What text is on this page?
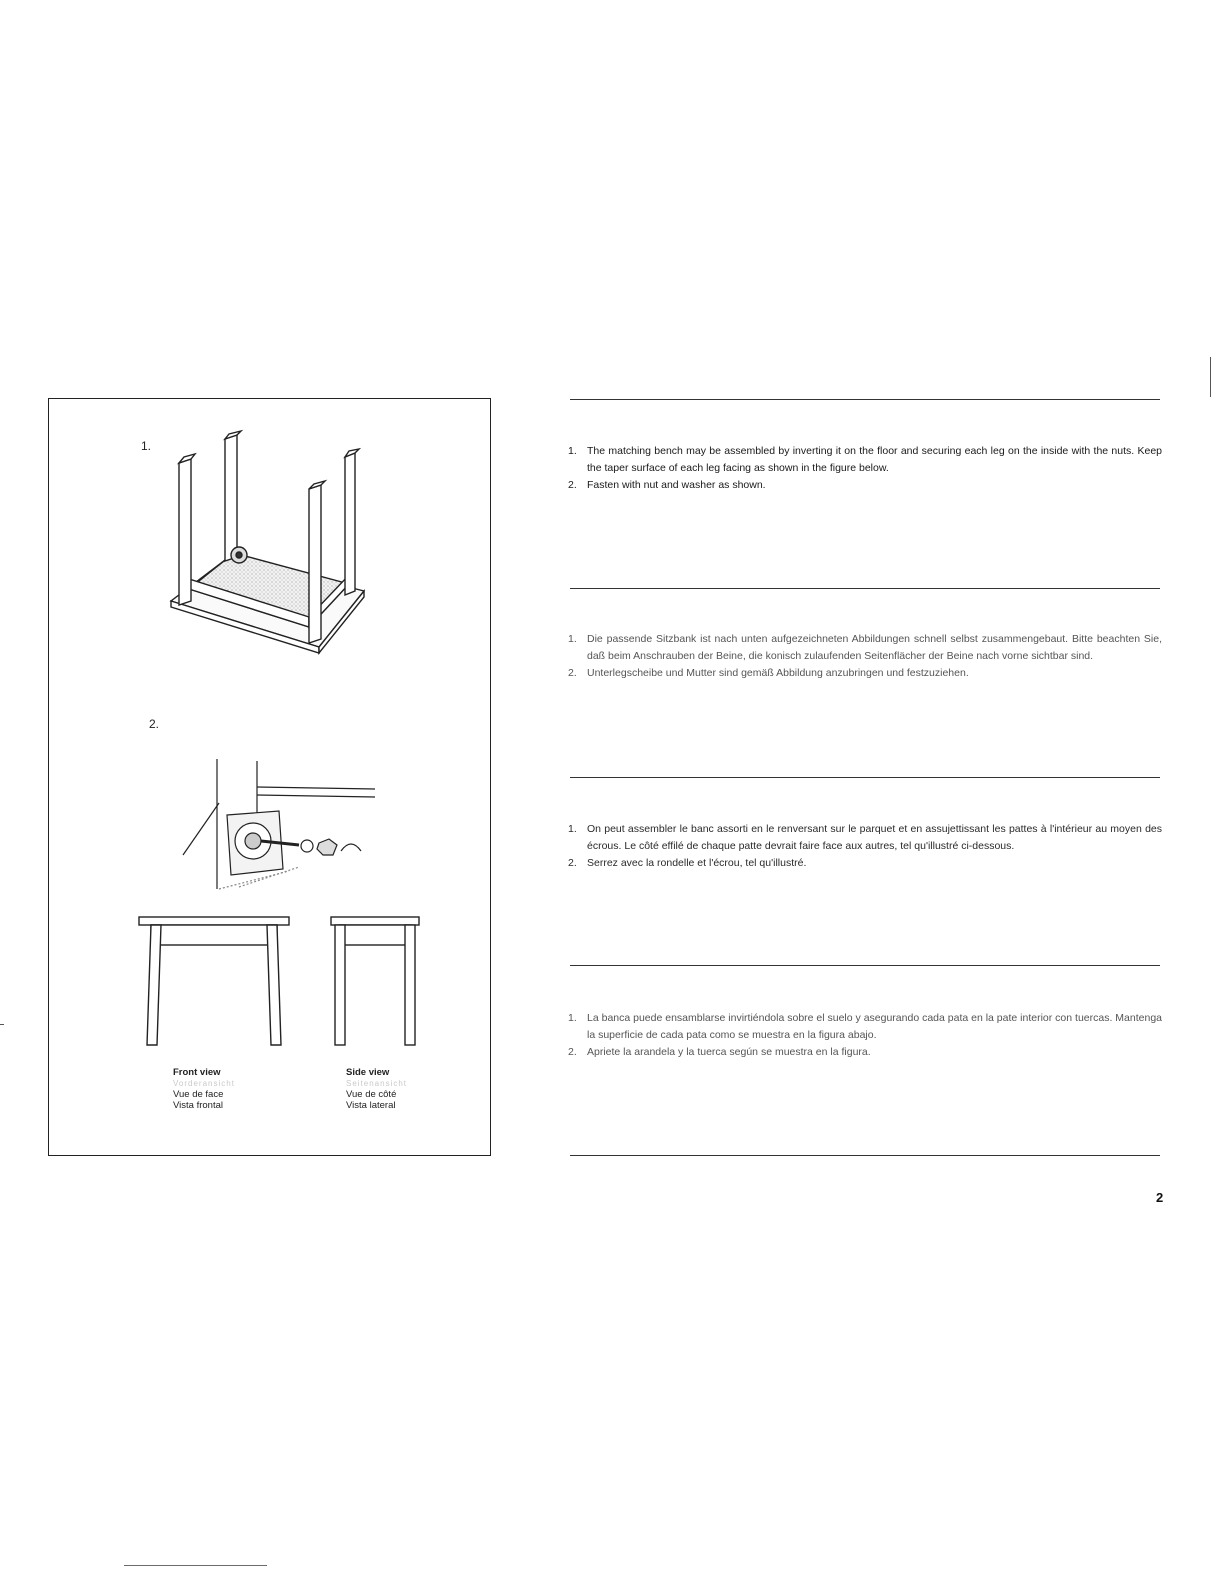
1.
2.
Front view
Vorderansicht
Vue de face
Vista frontal
Side view
Seitenansicht
Vue de côté
Vista lateral
1. The matching bench may be assembled by inverting it on the floor and securing each leg on the inside with the nuts. Keep the taper surface of each leg facing as shown in the figure below.
2. Fasten with nut and washer as shown.
1. Die passende Sitzbank ist nach unten aufgezeichneten Abbildungen schnell selbst zusammengebaut. Bitte beachten Sie, daß beim Anschrauben der Beine, die konisch zulaufenden Seitenflächer der Beine nach vorne sichtbar sind.
2. Unterlegscheibe und Mutter sind gemäß Abbildung anzubringen und festzuziehen.
1. On peut assembler le banc assorti en le renversant sur le parquet et en assujettissant les pattes à l'intérieur au moyen des écrous. Le côté effilé de chaque patte devrait faire face aux autres, tel qu'illustré ci-dessous.
2. Serrez avec la rondelle et l'écrou, tel qu'illustré.
1. La banca puede ensamblarse invirtiéndola sobre el suelo y asegurando cada pata en la pate interior con tuercas. Mantenga la superficie de cada pata como se muestra en la figura abajo.
2. Apriete la arandela y la tuerca según se muestra en la figura.
2
